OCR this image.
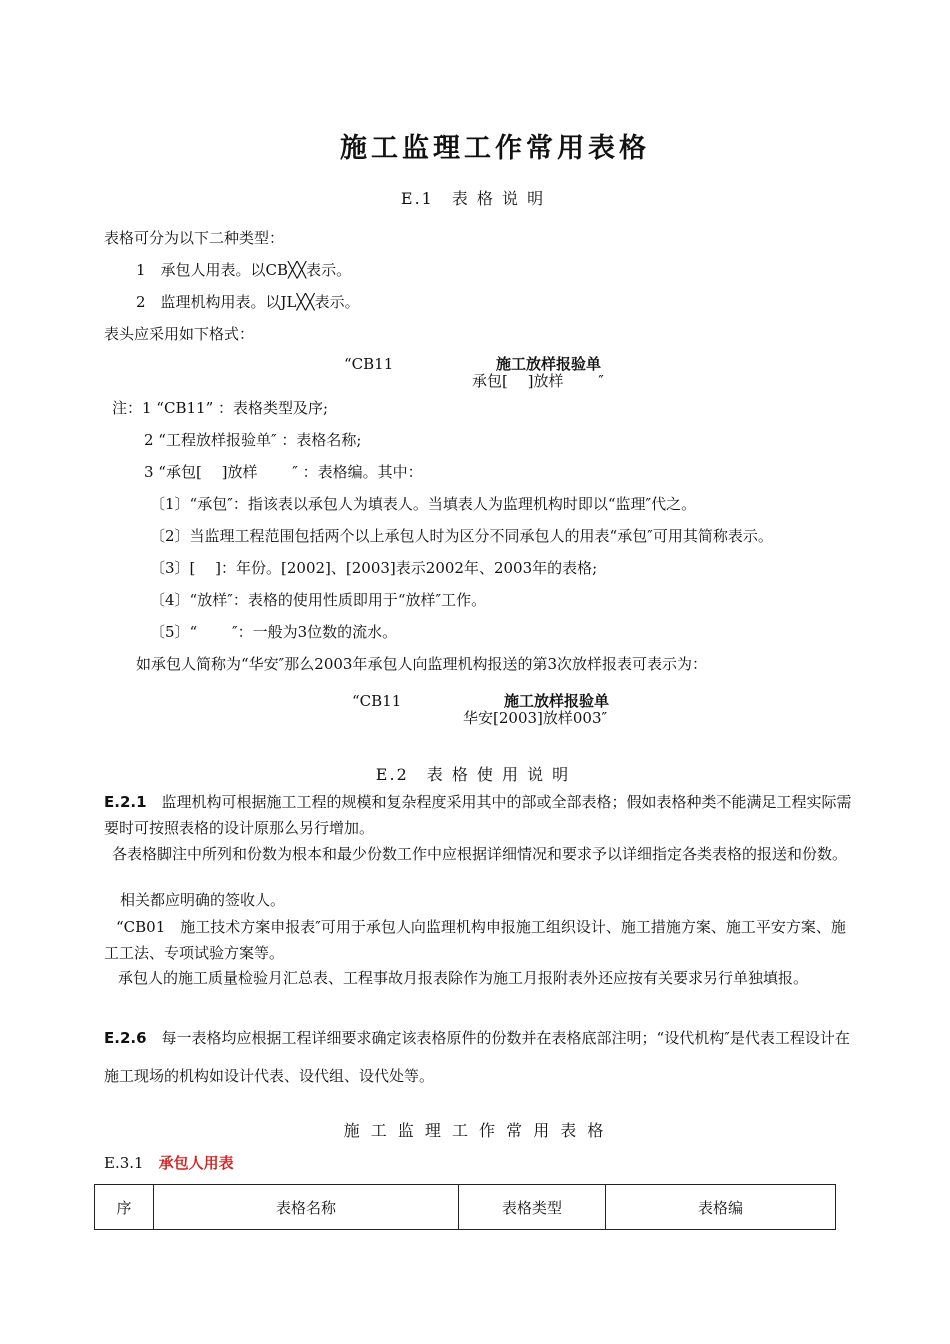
施工监理工作常用表格
E.1　表 格 说 明
表格可分为以下二种类型：
1　承包人用表。以CB╳╳表示。
2　监理机构用表。以JL╳╳表示。
表头应采用如下格式：
“CB11	施工放样报验单
承包[　 ]放样　　 ″
注：1 “CB11” ：表格类型及序;
2 “工程放样报验单″ ：表格名称;
3 “承包[　 ]放样　　 ″ ：表格编。其中：
〔1〕“承包″：指该表以承包人为填表人。当填表人为监理机构时即以“监理″代之。
〔2〕当监理工程范围包括两个以上承包人时为区分不同承包人的用表“承包″可用其简称表示。
〔3〕[　 ]：年份。[2002]、[2003]表示2002年、2003年的表格;
〔4〕“放样″：表格的使用性质即用于“放样″工作。
〔5〕“　　 ″：一般为3位数的流水。
如承包人简称为“华安″那么2003年承包人向监理机构报送的第3次放样报表可表示为：
“CB11	施工放样报验单
华安[2003]放样003″
E.2　表 格 使 用 说 明
E.2.1　 监理机构可根据施工工程的规模和复杂程度采用其中的部或全部表格；假如表格种类不能满足工程实际需要时可按照表格的设计原那么另行增加。
各表格脚注中所列和份数为根本和最少份数工作中应根据详细情况和要求予以详细指定各类表格的报送和份数。
相关都应明确的签收人。
“CB01　施工技术方案申报表″可用于承包人向监理机构申报施工组织设计、施工措施方案、施工平安方案、施工工法、专项试验方案等。
承包人的施工质量检验月汇总表、工程事故月报表除作为施工月报附表外还应按有关要求另行单独填报。
E.2.6　 每一表格均应根据工程详细要求确定该表格原件的份数并在表格底部注明；“设代机构″是代表工程设计在施工现场的机构如设计代表、设代组、设代处等。
施 工 监 理 工 作 常 用 表 格
E.3.1　 承包人用表
序	表格名称	表格类型	表格编
